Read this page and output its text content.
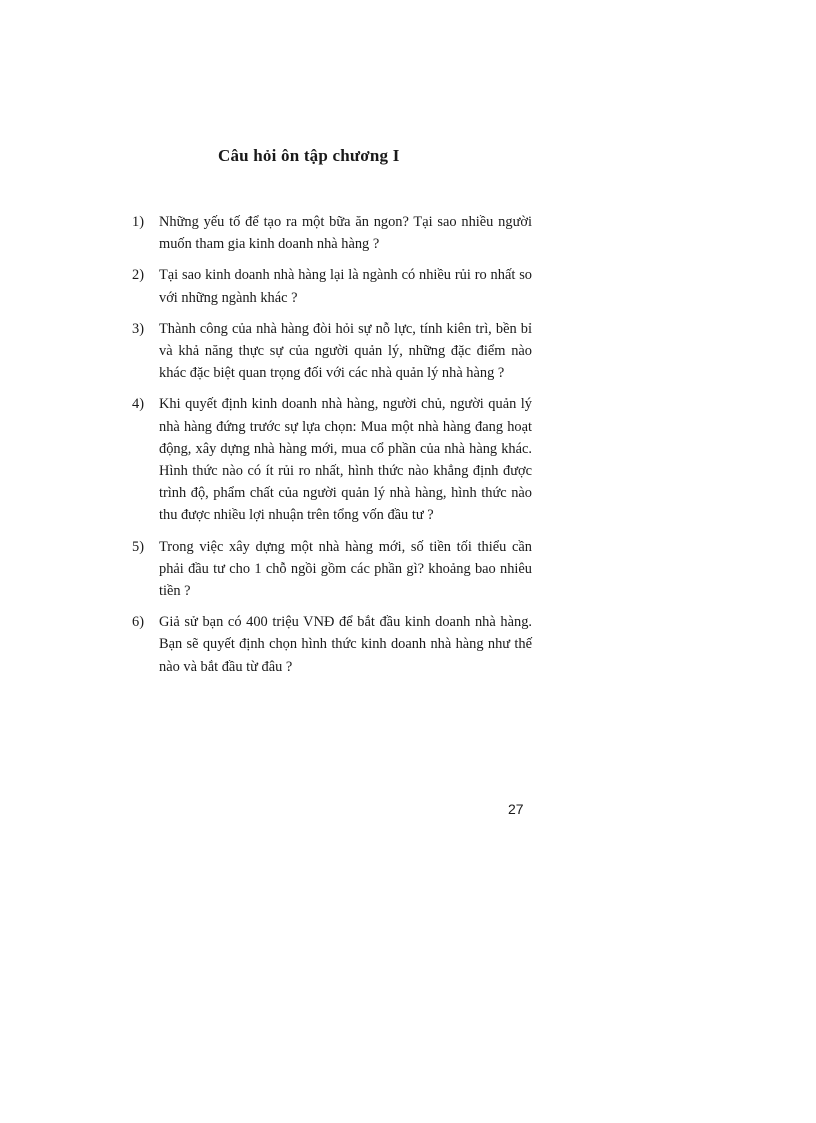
Câu hỏi ôn tập chương I
1) Những yếu tố để tạo ra một bữa ăn ngon? Tại sao nhiều người muốn tham gia kinh doanh nhà hàng ?
2) Tại sao kinh doanh nhà hàng lại là ngành có nhiều rủi ro nhất so với những ngành khác ?
3) Thành công của nhà hàng đòi hỏi sự nỗ lực, tính kiên trì, bền bỉ và khả năng thực sự của người quản lý, những đặc điểm nào khác đặc biệt quan trọng đối với các nhà quản lý nhà hàng ?
4) Khi quyết định kinh doanh nhà hàng, người chủ, người quản lý nhà hàng đứng trước sự lựa chọn: Mua một nhà hàng đang hoạt động, xây dựng nhà hàng mới, mua cổ phần của nhà hàng khác. Hình thức nào có ít rủi ro nhất, hình thức nào khẳng định được trình độ, phẩm chất của người quản lý nhà hàng, hình thức nào thu được nhiều lợi nhuận trên tổng vốn đầu tư ?
5) Trong việc xây dựng một nhà hàng mới, số tiền tối thiểu cần phải đầu tư cho 1 chỗ ngồi gồm các phần gì? khoảng bao nhiêu tiền ?
6) Giả sử bạn có 400 triệu VNĐ để bắt đầu kinh doanh nhà hàng. Bạn sẽ quyết định chọn hình thức kinh doanh nhà hàng như thế nào và bắt đầu từ đâu ?
27
